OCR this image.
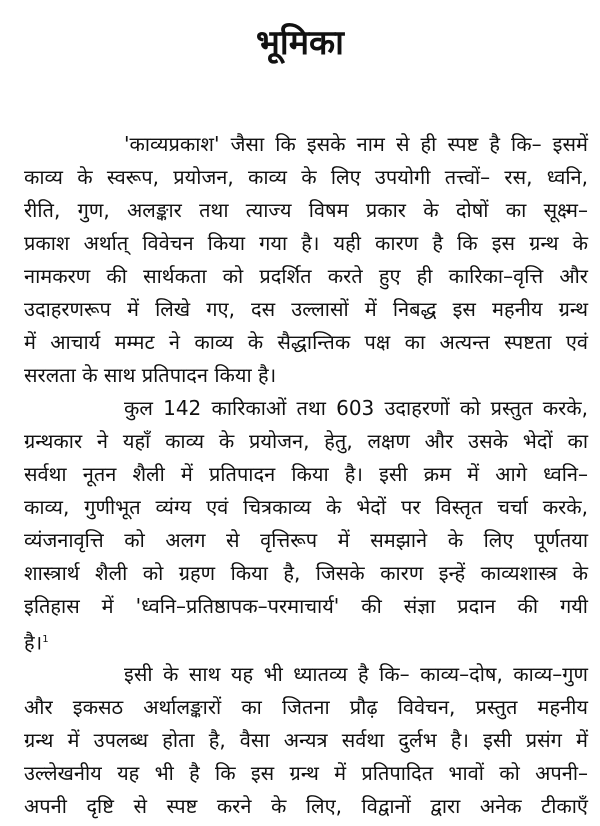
भूमिका
'काव्यप्रकाश' जैसा कि इसके नाम से ही स्पष्ट है कि– इसमें
काव्य के स्वरूप, प्रयोजन, काव्य के लिए उपयोगी तत्त्वों– रस, ध्वनि,
रीति, गुण, अलङ्कार तथा त्याज्य विषम प्रकार के दोषों का सूक्ष्म–
प्रकाश अर्थात् विवेचन किया गया है। यही कारण है कि इस ग्रन्थ के
नामकरण की सार्थकता को प्रदर्शित करते हुए ही कारिका–वृत्ति और
उदाहरणरूप में लिखे गए, दस उल्लासों में निबद्ध इस महनीय ग्रन्थ
में आचार्य मम्मट ने काव्य के सैद्धान्तिक पक्ष का अत्यन्त स्पष्टता एवं
सरलता के साथ प्रतिपादन किया है।
कुल 142 कारिकाओं तथा 603 उदाहरणों को प्रस्तुत करके,
ग्रन्थकार ने यहाँ काव्य के प्रयोजन, हेतु, लक्षण और उसके भेदों का
सर्वथा नूतन शैली में प्रतिपादन किया है। इसी क्रम में आगे ध्वनि–
काव्य, गुणीभूत व्यंग्य एवं चित्रकाव्य के भेदों पर विस्तृत चर्चा करके,
व्यंजनावृत्ति को अलग से वृत्तिरूप में समझाने के लिए पूर्णतया
शास्त्रार्थ शैली को ग्रहण किया है, जिसके कारण इन्हें काव्यशास्त्र के
इतिहास में 'ध्वनि–प्रतिष्ठापक–परमाचार्य' की संज्ञा प्रदान की गयी
है।$^1$
इसी के साथ यह भी ध्यातव्य है कि– काव्य–दोष, काव्य–गुण
और इकसठ अर्थालङ्कारों का जितना प्रौढ़ विवेचन, प्रस्तुत महनीय
ग्रन्थ में उपलब्ध होता है, वैसा अन्यत्र सर्वथा दुर्लभ है। इसी प्रसंग में
उल्लेखनीय यह भी है कि इस ग्रन्थ में प्रतिपादित भावों को अपनी–
अपनी दृष्टि से स्पष्ट करने के लिए, विद्वानों द्वारा अनेक टीकाएँ
